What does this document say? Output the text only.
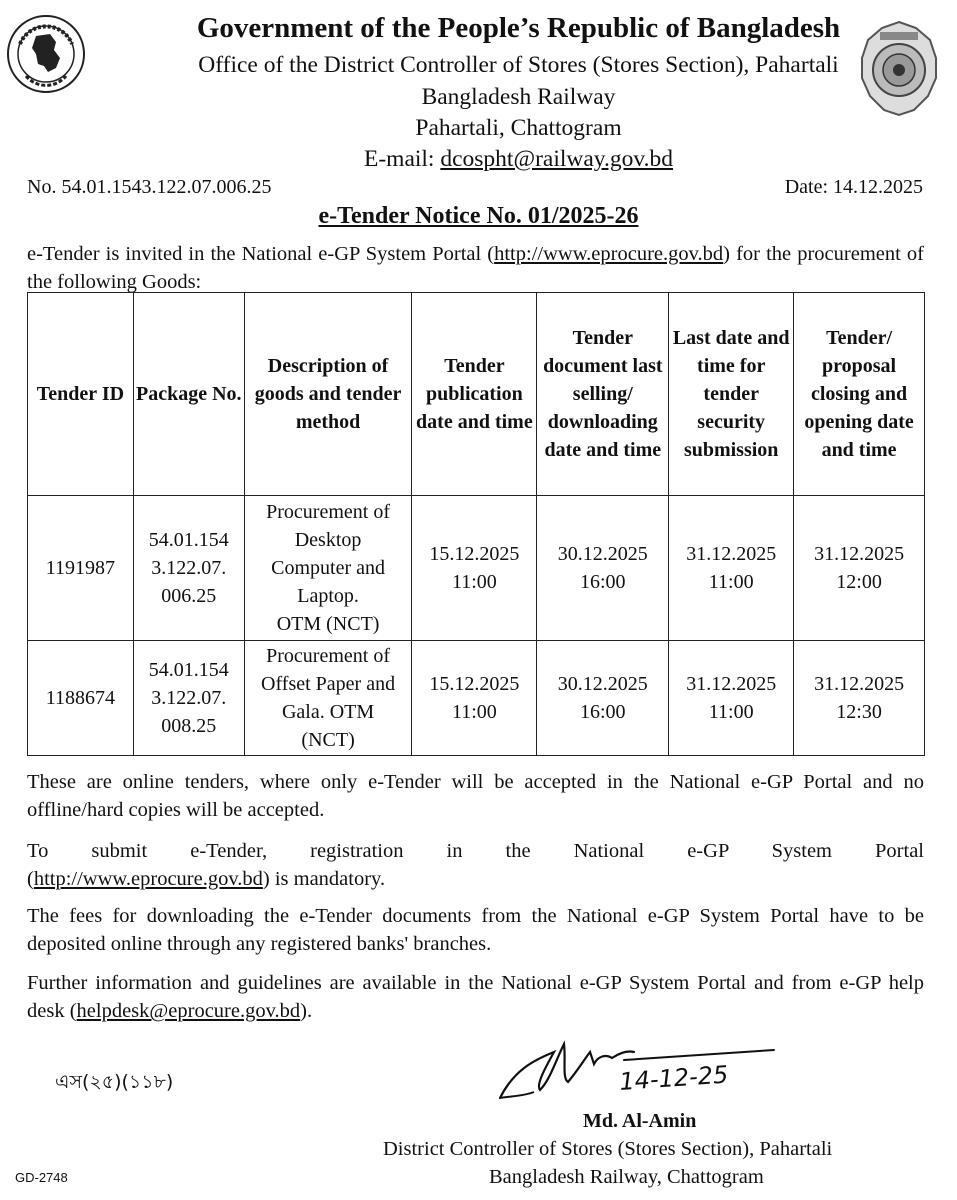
Government of the People’s Republic of Bangladesh
Office of the District Controller of Stores (Stores Section), Pahartali
Bangladesh Railway
Pahartali, Chattogram
E-mail: dcospht@railway.gov.bd
No. 54.01.1543.122.07.006.25	Date: 14.12.2025
e-Tender Notice No. 01/2025-26
e-Tender is invited in the National e-GP System Portal (http://www.eprocure.gov.bd) for the procurement of the following Goods:
Tender ID	Package No.	Description of goods and tender method	Tender publication date and time	Tender document last selling/ downloading date and time	Last date and time for tender security submission	Tender/ proposal closing and opening date and time
1191987	54.01.154
3.122.07.
006.25	Procurement of
Desktop
Computer and
Laptop.
OTM (NCT)	15.12.2025
11:00	30.12.2025
16:00	31.12.2025
11:00	31.12.2025
12:00
1188674	54.01.154
3.122.07.
008.25	Procurement of
Offset Paper and
Gala. OTM
(NCT)	15.12.2025
11:00	30.12.2025
16:00	31.12.2025
11:00	31.12.2025
12:30
These are online tenders, where only e-Tender will be accepted in the National e-GP Portal and no offline/hard copies will be accepted.
To submit e-Tender, registration in the National e-GP System Portal
(http://www.eprocure.gov.bd) is mandatory.
The fees for downloading the e-Tender documents from the National e-GP System Portal have to be deposited online through any registered banks' branches.
Further information and guidelines are available in the National e-GP System Portal and from e-GP help desk (helpdesk@eprocure.gov.bd).
এস(২৫)(১১৮)	14-12-25
Md. Al-Amin
District Controller of Stores (Stores Section), Pahartali
Bangladesh Railway, Chattogram
GD-2748
